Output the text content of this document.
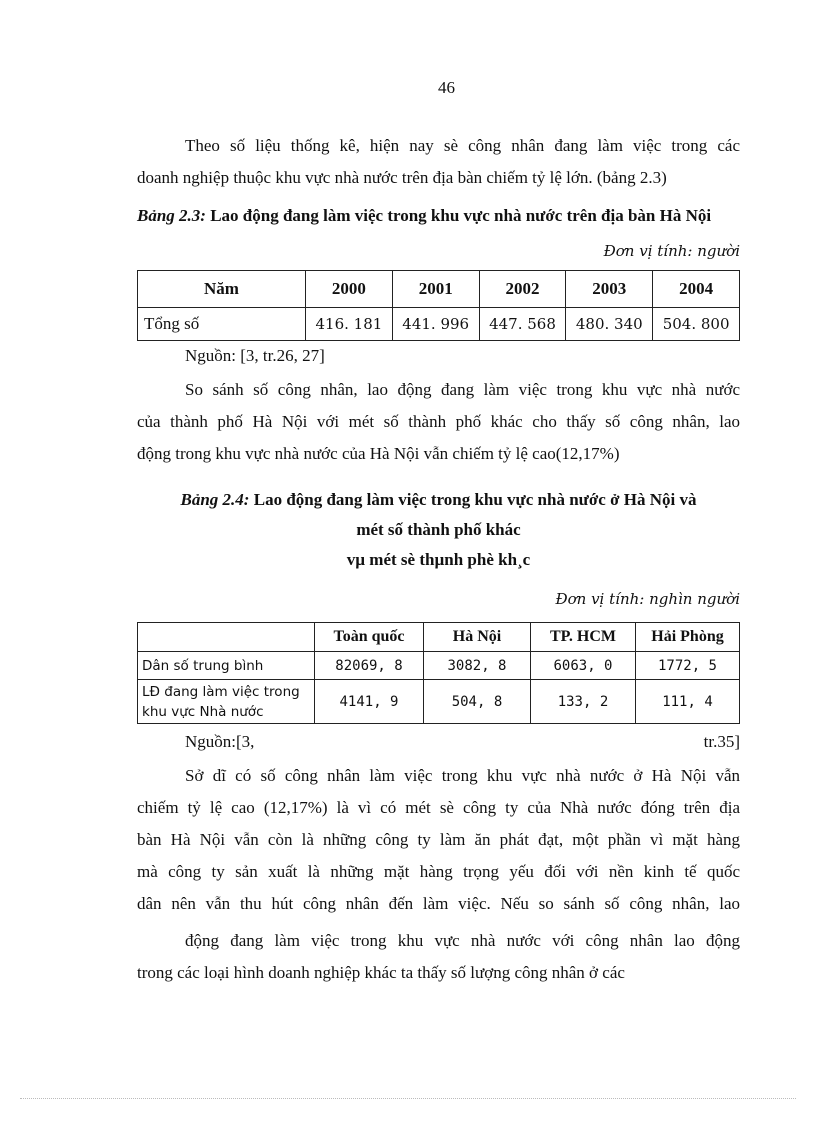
46

Theo số liệu thống kê, hiện nay sè công nhân đang làm việc trong các
doanh nghiệp thuộc khu vực nhà nước trên địa bàn chiếm tỷ lệ lớn. (bảng 2.3)

Bảng 2.3: Lao động đang làm việc trong khu vực nhà nước trên địa bàn Hà Nội
Đơn vị tính: người
Năm	2000	2001	2002	2003	2004
Tổng số	416. 181	441. 996	447. 568	480. 340	504. 800
Nguồn: [3, tr.26, 27]

So sánh số công nhân, lao động đang làm việc trong khu vực nhà nước
của thành phố Hà Nội với mét số thành phố khác cho thấy số công nhân, lao
động trong khu vực nhà nước của Hà Nội vẫn chiếm tỷ lệ cao(12,17%)

Bảng 2.4: Lao động đang làm việc trong khu vực nhà nước ở Hà Nội và
mét số thành phố khác
vµ mét sè thµnh phè kh¸c
Đơn vị tính: nghìn người
	Toàn quốc	Hà Nội	TP. HCM	Hải Phòng
Dân số trung bình	82069, 8	3082, 8	6063, 0	1772, 5

LĐ đang làm việc trong
khu vực Nhà nước	4141, 9	504, 8	133, 2	111, 4
Nguồn:[3,	tr.35]

Sở dĩ có số công nhân làm việc trong khu vực nhà nước ở Hà Nội vẫn
chiếm tỷ lệ cao (12,17%) là vì có mét sè công ty của Nhà nước đóng trên địa
bàn Hà Nội vẫn còn là những công ty làm ăn phát đạt, một phần vì mặt hàng
mà công ty sản xuất là những mặt hàng trọng yếu đối với nền kinh tế quốc
dân nên vẫn thu hút công nhân đến làm việc. Nếu so sánh số công nhân, lao

động đang làm việc trong khu vực nhà nước với công nhân lao động
trong các loại hình doanh nghiệp khác ta thấy số lượng công nhân ở các
